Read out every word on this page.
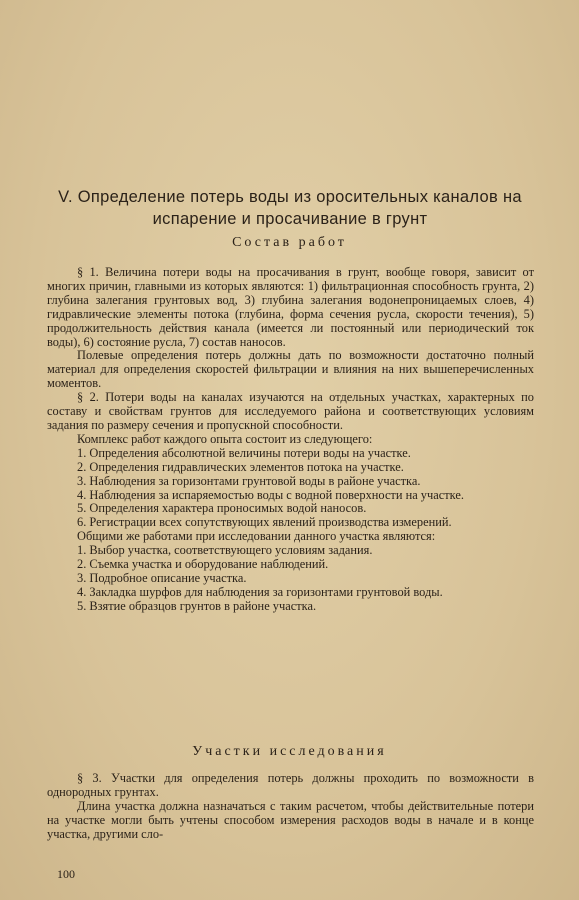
V. Определение потерь воды из оросительных каналов на испарение и просачивание в грунт
Состав работ

§ 1. Величина потери воды на просачивания в грунт, вообще говоря, зависит от многих причин, главными из которых являются: 1) фильтрационная способность грунта, 2) глубина залегания грунтовых вод, 3) глубина залегания водонепроницаемых слоев, 4) гидравлические элементы потока (глубина, форма сечения русла, скорости течения), 5) продолжительность действия канала (имеется ли постоянный или периодический ток воды), 6) состояние русла, 7) состав наносов.

Полевые определения потерь должны дать по возможности достаточно полный материал для определения скоростей фильтрации и влияния на них вышеперечисленных моментов.

§ 2. Потери воды на каналах изучаются на отдельных участках, характерных по составу и свойствам грунтов для исследуемого района и соответствующих условиям задания по размеру сечения и пропускной способности.

Комплекс работ каждого опыта состоит из следующего:

1. Определения абсолютной величины потери воды на участке.

2. Определения гидравлических элементов потока на участке.

3. Наблюдения за горизонтами грунтовой воды в районе участка.

4. Наблюдения за испаряемостью воды с водной поверхности на участке.

5. Определения характера проносимых водой наносов.

6. Регистрации всех сопутствующих явлений производства измерений.

Общими же работами при исследовании данного участка являются:

1. Выбор участка, соответствующего условиям задания.

2. Съемка участка и оборудование наблюдений.

3. Подробное описание участка.

4. Закладка шурфов для наблюдения за горизонтами грунтовой воды.

5. Взятие образцов грунтов в районе участка.

Участки исследования

§ 3. Участки для определения потерь должны проходить по возможности в однородных грунтах.

Длина участка должна назначаться с таким расчетом, чтобы действительные потери на участке могли быть учтены способом измерения расходов воды в начале и в конце участка, другими сло-

100
